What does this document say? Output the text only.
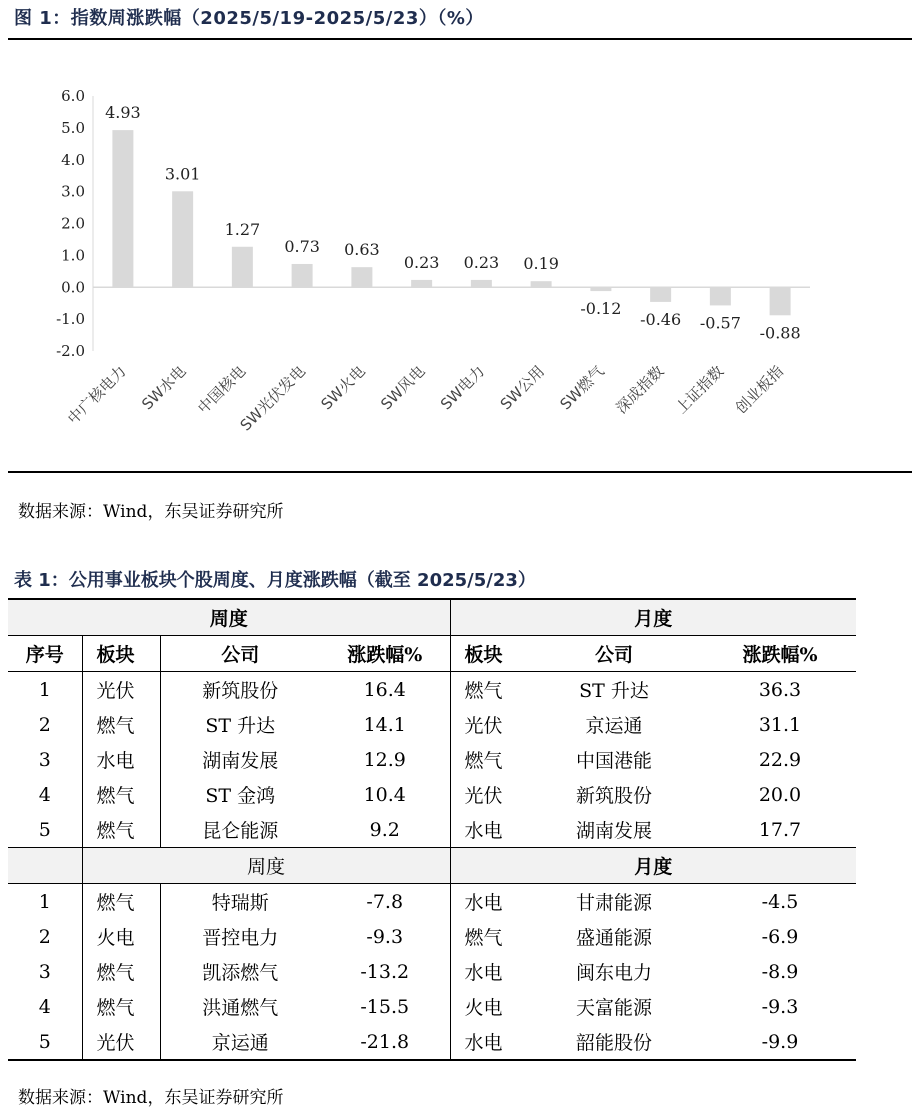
图 1：指数周涨跌幅（2025/5/19-2025/5/23）（%）
6.0
5.0
4.0
3.0
2.0
1.0
0.0
-1.0
-2.0
4.93
中广核电力
3.01
SW水电
1.27
中国核电
0.73
SW光伏发电
0.63
SW火电
0.23
SW风电
0.23
SW电力
0.19
SW公用
-0.12
SW燃气
-0.46
深成指数
-0.57
上证指数
-0.88
创业板指
数据来源：Wind，东吴证券研究所
表 1：公用事业板块个股周度、月度涨跌幅（截至 2025/5/23）
周度				月度		
序号	板块	公司	涨跌幅%	板块	公司	涨跌幅%
1	光伏	新筑股份	16.4	燃气	ST 升达	36.3
2	燃气	ST 升达	14.1	光伏	京运通	31.1
3	水电	湖南发展	12.9	燃气	中国港能	22.9
4	燃气	ST 金鸿	10.4	光伏	新筑股份	20.0
5	燃气	昆仑能源	9.2	水电	湖南发展	17.7
	周度			月度		
1	燃气	特瑞斯	-7.8	水电	甘肃能源	-4.5
2	火电	晋控电力	-9.3	燃气	盛通能源	-6.9
3	燃气	凯添燃气	-13.2	水电	闽东电力	-8.9
4	燃气	洪通燃气	-15.5	火电	天富能源	-9.3
5	光伏	京运通	-21.8	水电	韶能股份	-9.9
数据来源：Wind，东吴证券研究所
